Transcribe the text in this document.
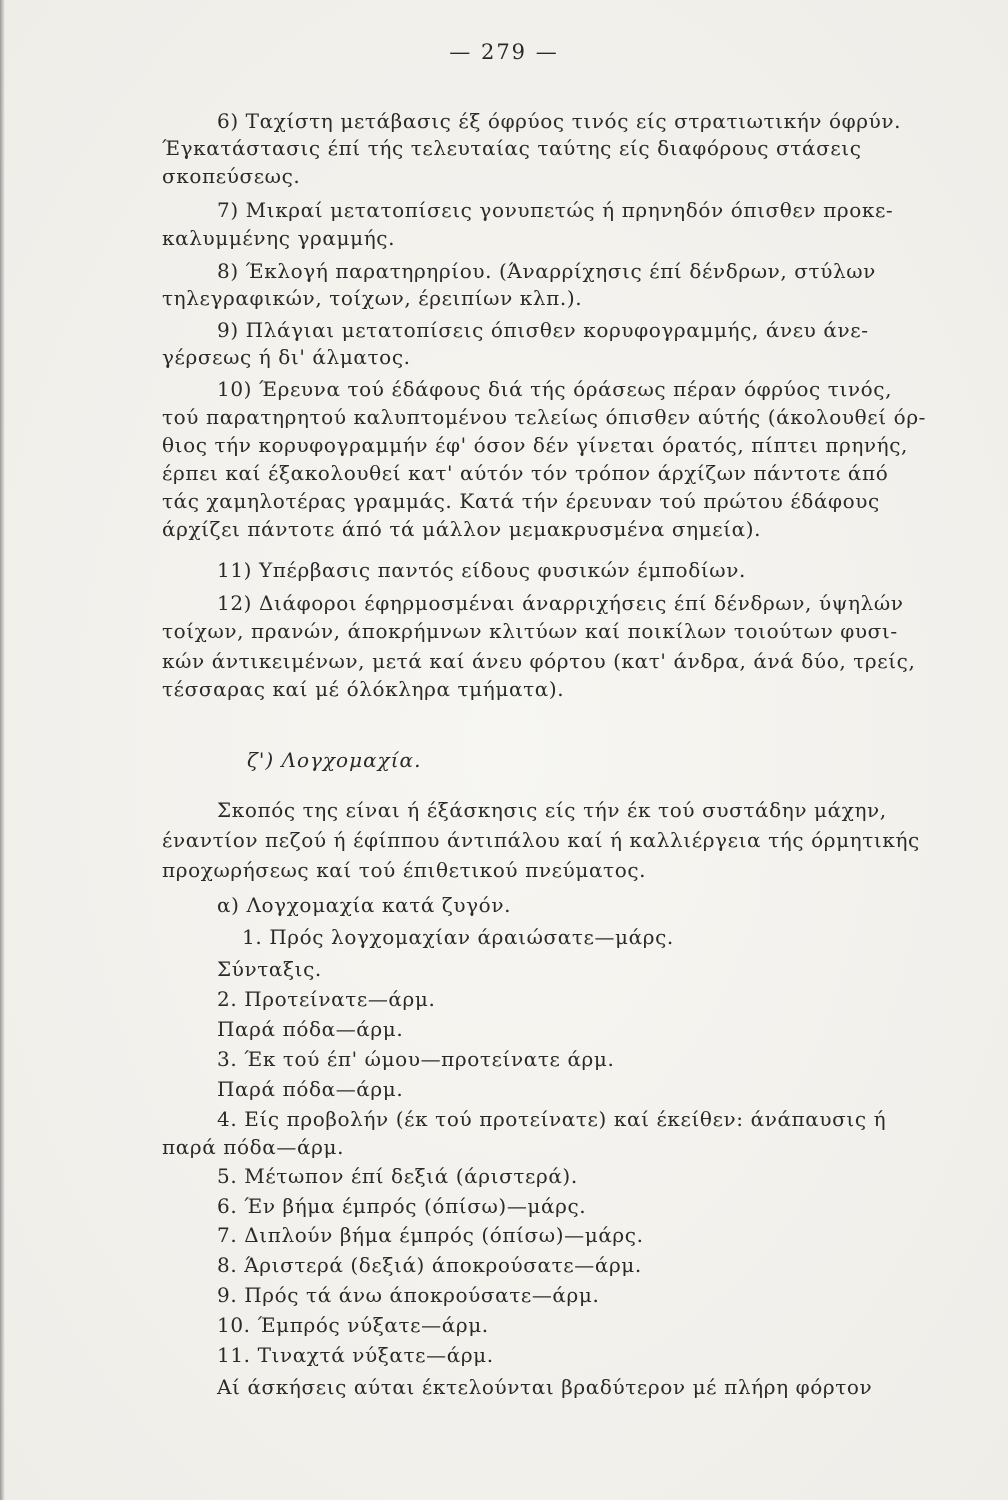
— 279 —
6) Ταχίστη μετάβασις έξ όφρύος τινός είς στρατιωτικήν όφρύν.
Έγκατάστασις έπί τής τελευταίας ταύτης είς διαφόρους στάσεις
σκοπεύσεως.
7) Μικραί μετατοπίσεις γονυπετώς ή πρηνηδόν όπισθεν προκε-
καλυμμένης γραμμής.
8) Έκλογή παρατηρηρίου. (Άναρρίχησις έπί δένδρων, στύλων
τηλεγραφικών, τοίχων, έρειπίων κλπ.).
9) Πλάγιαι μετατοπίσεις όπισθεν κορυφογραμμής, άνευ άνε-
γέρσεως ή δι' άλματος.
10) Έρευνα τού έδάφους διά τής όράσεως πέραν όφρύος τινός,
τού παρατηρητού καλυπτομένου τελείως όπισθεν αύτής (άκολουθεί όρ-
θιος τήν κορυφογραμμήν έφ' όσον δέν γίνεται όρατός, πίπτει πρηνής,
έρπει καί έξακολουθεί κατ' αύτόν τόν τρόπον άρχίζων πάντοτε άπό
τάς χαμηλοτέρας γραμμάς. Κατά τήν έρευναν τού πρώτου έδάφους
άρχίζει πάντοτε άπό τά μάλλον μεμακρυσμένα σημεία).
11) Υπέρβασις παντός είδους φυσικών έμποδίων.
12) Διάφοροι έφηρμοσμέναι άναρριχήσεις έπί δένδρων, ύψηλών
τοίχων, πρανών, άποκρήμνων κλιτύων καί ποικίλων τοιούτων φυσι-
κών άντικειμένων, μετά καί άνευ φόρτου (κατ' άνδρα, άνά δύο, τρείς,
τέσσαρας καί μέ όλόκληρα τμήματα).
ζ') Λογχομαχία.
Σκοπός της είναι ή έξάσκησις είς τήν έκ τού συστάδην μάχην,
έναντίον πεζού ή έφίππου άντιπάλου καί ή καλλιέργεια τής όρμητικής
προχωρήσεως καί τού έπιθετικού πνεύματος.
α) Λογχομαχία κατά ζυγόν.
1. Πρός λογχομαχίαν άραιώσατε—μάρς.
Σύνταξις.
2. Προτείνατε—άρμ.
Παρά πόδα—άρμ.
3. Έκ τού έπ' ώμου—προτείνατε άρμ.
Παρά πόδα—άρμ.
4. Είς προβολήν (έκ τού προτείνατε) καί έκείθεν: άνάπαυσις ή
παρά πόδα—άρμ.
5. Μέτωπον έπί δεξιά (άριστερά).
6. Έν βήμα έμπρός (όπίσω)—μάρς.
7. Διπλούν βήμα έμπρός (όπίσω)—μάρς.
8. Άριστερά (δεξιά) άποκρούσατε—άρμ.
9. Πρός τά άνω άποκρούσατε—άρμ.
10. Έμπρός νύξατε—άρμ.
11. Τιναχτά νύξατε—άρμ.
Αί άσκήσεις αύται έκτελούνται βραδύτερον μέ πλήρη φόρτον
